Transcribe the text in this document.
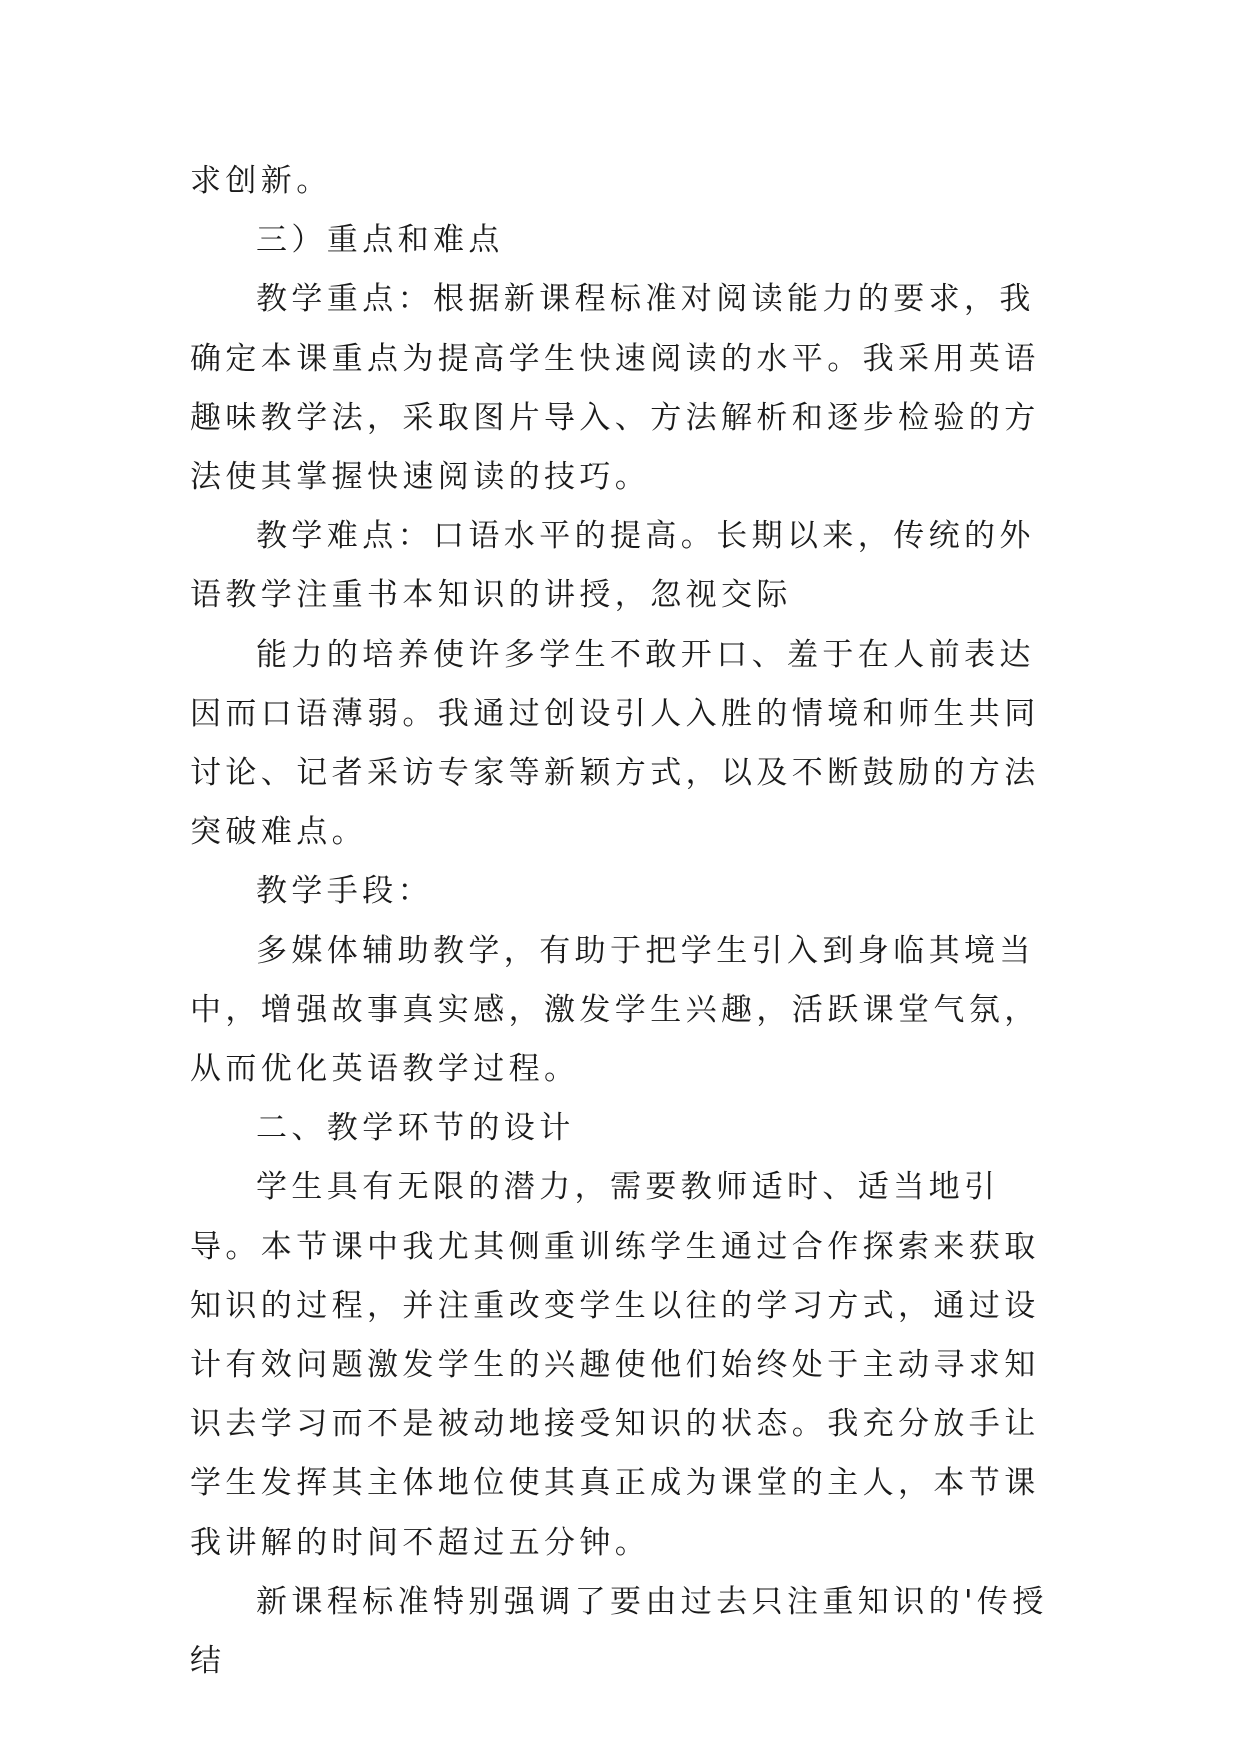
求创新。

三）重点和难点

教学重点：根据新课程标准对阅读能力的要求，我确定本课重点为提高学生快速阅读的水平。我采用英语趣味教学法，采取图片导入、方法解析和逐步检验的方法使其掌握快速阅读的技巧。

教学难点：口语水平的提高。长期以来，传统的外语教学注重书本知识的讲授，忽视交际

能力的培养使许多学生不敢开口、羞于在人前表达因而口语薄弱。我通过创设引人入胜的情境和师生共同讨论、记者采访专家等新颖方式，以及不断鼓励的方法突破难点。

教学手段：

多媒体辅助教学，有助于把学生引入到身临其境当中，增强故事真实感，激发学生兴趣，活跃课堂气氛，从而优化英语教学过程。

二、教学环节的设计

学生具有无限的潜力，需要教师适时、适当地引导。本节课中我尤其侧重训练学生通过合作探索来获取知识的过程，并注重改变学生以往的学习方式，通过设计有效问题激发学生的兴趣使他们始终处于主动寻求知识去学习而不是被动地接受知识的状态。我充分放手让学生发挥其主体地位使其真正成为课堂的主人，本节课我讲解的时间不超过五分钟。

新课程标准特别强调了要由过去只注重知识的'传授结
